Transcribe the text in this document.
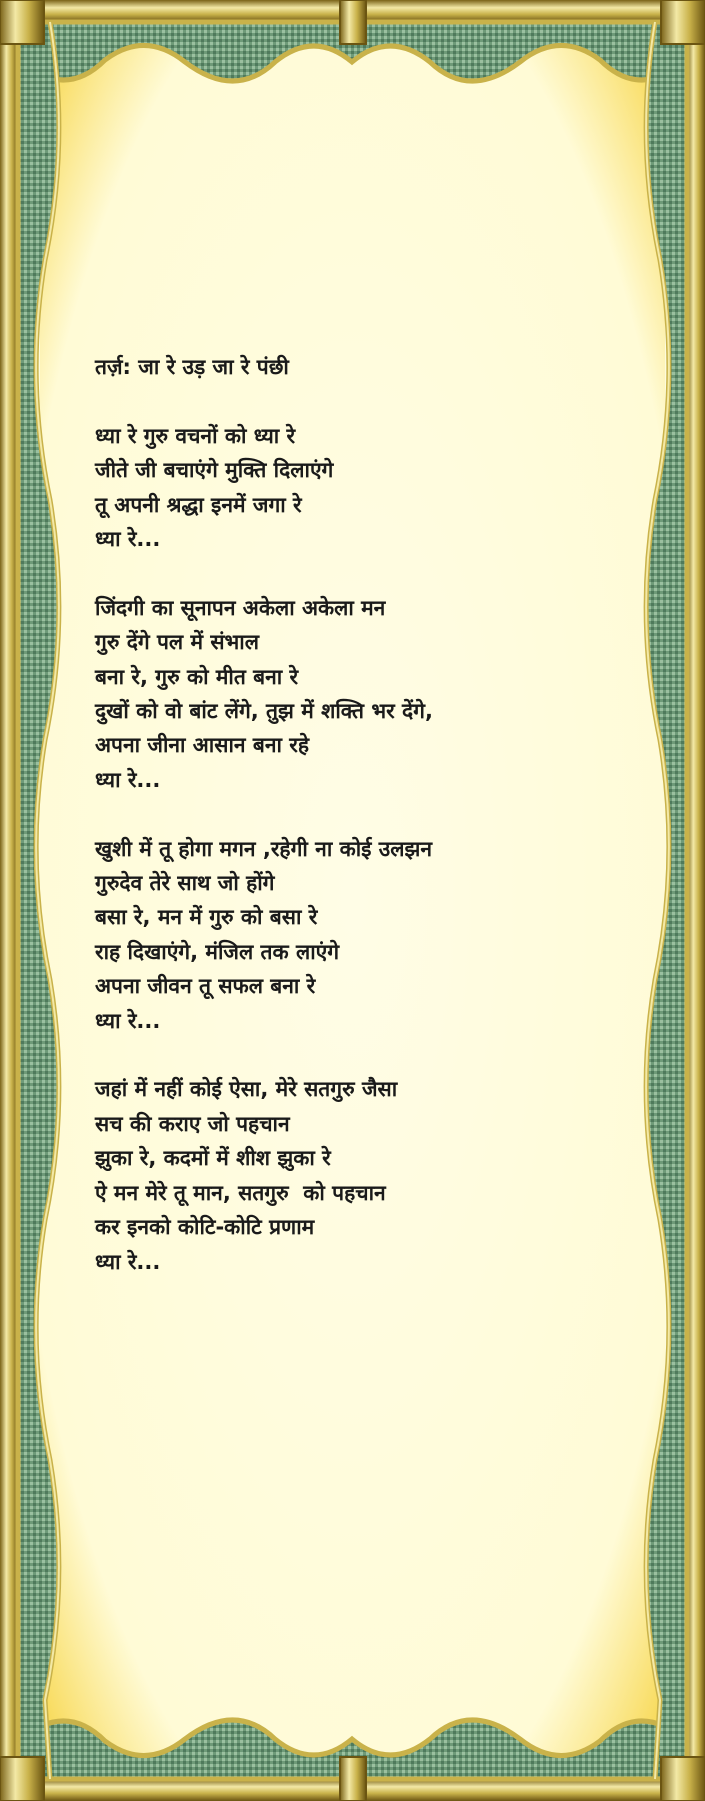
तर्ज़: जा रे उड़ जा रे पंछी
ध्या रे गुरु वचनों को ध्या रे
जीते जी बचाएंगे मुक्ति दिलाएंगे
तू अपनी श्रद्धा इनमें जगा रे
ध्या रे...
जिंदगी का सूनापन अकेला अकेला मन
गुरु देंगे पल में संभाल
बना रे, गुरु को मीत बना रे
दुखों को वो बांट लेंगे, तुझ में शक्ति भर देंगे,
अपना जीना आसान बना रहे
ध्या रे...
खुशी में तू होगा मगन ,रहेगी ना कोई उलझन
गुरुदेव तेरे साथ जो होंगे
बसा रे, मन में गुरु को बसा रे
राह दिखाएंगे, मंजिल तक लाएंगे
अपना जीवन तू सफल बना रे
ध्या रे...
जहां में नहीं कोई ऐसा, मेरे सतगुरु जैसा
सच की कराए जो पहचान
झुका रे, कदमों में शीश झुका रे
ऐ मन मेरे तू मान, सतगुरु  को पहचान
कर इनको कोटि-कोटि प्रणाम
ध्या रे...
